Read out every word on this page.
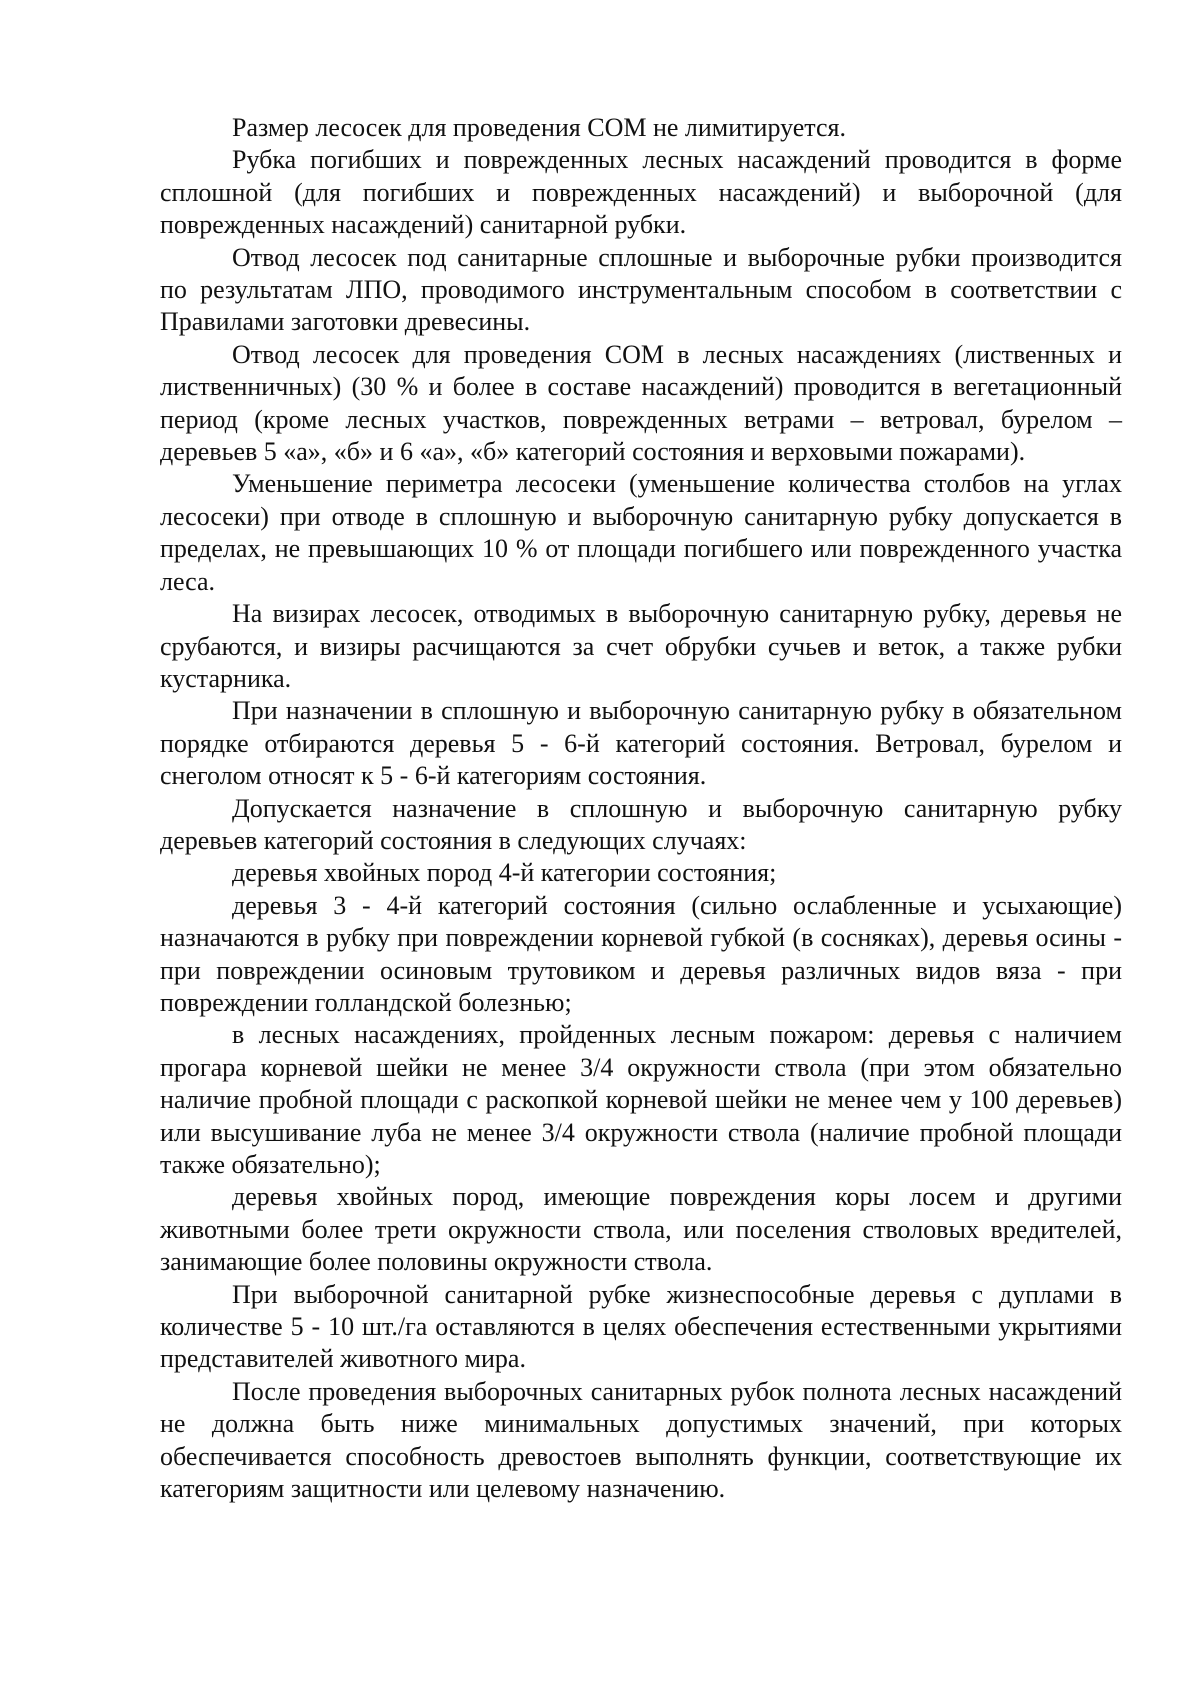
Размер лесосек для проведения СОМ не лимитируется.

Рубка погибших и поврежденных лесных насаждений проводится в форме сплошной (для погибших и поврежденных насаждений) и выборочной (для поврежденных насаждений) санитарной рубки.

Отвод лесосек под санитарные сплошные и выборочные рубки производится по результатам ЛПО, проводимого инструментальным способом в соответствии с Правилами заготовки древесины.

Отвод лесосек для проведения СОМ в лесных насаждениях (лиственных и лиственничных) (30 % и более в составе насаждений) проводится в вегетационный период (кроме лесных участков, поврежденных ветрами – ветровал, бурелом – деревьев 5 «а», «б» и 6 «а», «б» категорий состояния и верховыми пожарами).

Уменьшение периметра лесосеки (уменьшение количества столбов на углах лесосеки) при отводе в сплошную и выборочную санитарную рубку допускается в пределах, не превышающих 10 % от площади погибшего или поврежденного участка леса.

На визирах лесосек, отводимых в выборочную санитарную рубку, деревья не срубаются, и визиры расчищаются за счет обрубки сучьев и веток, а также рубки кустарника.

При назначении в сплошную и выборочную санитарную рубку в обязательном порядке отбираются деревья 5 - 6-й категорий состояния. Ветровал, бурелом и снеголом относят к 5 - 6-й категориям состояния.

Допускается назначение в сплошную и выборочную санитарную рубку деревьев категорий состояния в следующих случаях:

деревья хвойных пород 4-й категории состояния;

деревья 3 - 4-й категорий состояния (сильно ослабленные и усыхающие) назначаются в рубку при повреждении корневой губкой (в сосняках), деревья осины - при повреждении осиновым трутовиком и деревья различных видов вяза - при повреждении голландской болезнью;

в лесных насаждениях, пройденных лесным пожаром: деревья с наличием прогара корневой шейки не менее 3/4 окружности ствола (при этом обязательно наличие пробной площади с раскопкой корневой шейки не менее чем у 100 деревьев) или высушивание луба не менее 3/4 окружности ствола (наличие пробной площади также обязательно);

деревья хвойных пород, имеющие повреждения коры лосем и другими животными более трети окружности ствола, или поселения стволовых вредителей, занимающие более половины окружности ствола.

При выборочной санитарной рубке жизнеспособные деревья с дуплами в количестве 5 - 10 шт./га оставляются в целях обеспечения естественными укрытиями представителей животного мира.

После проведения выборочных санитарных рубок полнота лесных насаждений не должна быть ниже минимальных допустимых значений, при которых обеспечивается способность древостоев выполнять функции, соответствующие их категориям защитности или целевому назначению.
